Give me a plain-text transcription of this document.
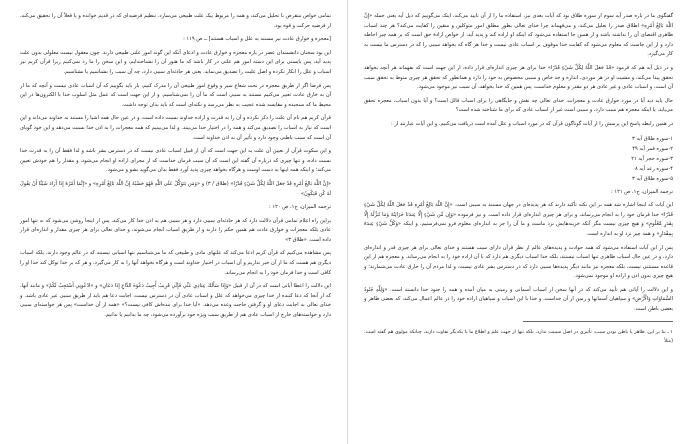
گفتگوی ما در باره صدر آیه سوم از سوره طلاق بود که آیات بعدی نیز، استفاده ما را از آن تایید می‌کند، اینک می‌گوییم که ذیل آیه یعنی جمله «إِنَّ اللَّهَ بَالِغُ أَمْرِهِ» اطلاق صدر را تعلیل می‌کند، و می‌فهماند چرا خدای تعالی بطور مطلق امور متوکلین و متقین را کفایت می‌کند؟ هر چند اسباب ظاهری اقتضای آن را نداشته باشد و از همین جا استفاده می‌شود که اینکه او اراده کند و پدید آید، از خواص ارادهٔ حق است که بر همه چیز احاطه دارد و از این جاست که معلوم می‌شود که کفایت خدا موقوف بر اسباب عادی نیست و خدا هر گاه که بخواهد سببی را که در دسترس ما نیست به کار می‌گیرد.

و در ذیل آیه هم که فرمود «قَدْ جَعَلَ اللَّهُ لِكُلِّ شَيْءٍ قَدْرًا» خدا برای هر چیزی اندازه‌ای قرار داده، از این جهت است که بفهماند هر آنچه بخواهد تحقق پیدا می‌کند، و مشیت او در هر موردی، اندازه و حد خاص و سببی مخصوص به خود را دارد و همانطور که تحقق هر چیزی منوط به تحقق سبب آن است، و اسباب عادی و غیر عادی هر دو مقدر و معلوم خداست، پس همین که خدا بخواهد، آن سبب نیز موجود می‌شود.

حال باید دید آیا در مورد خوارق عادت و معجزات، خدای تعالی چه نقش و جایگاهی را برای اسباب قائل است؟ و آیا بدون اسباب، معجزه تحقق می‌یابد، یا اینکه معجزه هم سبب دارد، و سببی است غیر از اسباب عادی که برای ما شناخته شده است؟

در همین رابطه پاسخ این پرسش را از آیات گوناگون قرآن که در مورد اسباب و علل آمده است دریافت می‌کنیم، و این آیات عبارتند از :

۱-سوره طلاق آیه ۳
۲-سوره قمر آیه ۴۹
۳-سوره حجر آیه ۲۱
۴-سوره رعد آیه ۸
۵-سوره طلاق آیه ۳

ترجمه المیزان، ج۱، ص ۱۲۱ :

این آیات که اینجا اشاره شد همه بر این نکته تأکید دارند که هر پدیده‌ای در جهان مستند به سببی است. «إِنَّ اللَّهَ بَالِغُ أَمْرِهِ قَدْ جَعَلَ اللَّهُ لِكُلِّ شَيْءٍ قَدْرًا» خدا فرمان خود را به انجام می‌رساند، و برای هر چیزی اندازه‌ای قرار داده است. و نیز فرموده «وَإِن مِّن شَيْءٍ إِلَّا عِندَنَا خَزَائِنُهُ وَمَا نُنَزِّلُهُ إِلَّا بِقَدَرٍ مَّعْلُومٍ» و هیچ چیزی نیست مگر آنکه خزینه‌هایش نزد ماست و ما آن را جز به اندازه‌ای معلوم فرو نمی‌فرستیم، و اینکه «وَكُلُّ شَيْءٍ عِندَهُ بِمِقْدَارٍ» و همه چیز نزد او به اندازه است.

پس از این آیات استفاده می‌شود که همه حوادث و پدیده‌های عالم از نظر قرآن دارای سبب هستند و خدای تعالی برای هر چیزی قدر و اندازه‌ای دارد، و در عین حال اسباب ظاهری تنها اسباب نیستند، بلکه خدا اسباب دیگری هم دارد که با آن اراده خود را به انجام می‌رساند. و معجزه هم از این قاعده مستثنی نیست، بلکه معجزه نیز مانند دیگر پدیده‌ها سببی دارد که در دسترس بشر عادی نیست، و لذا مردم آن را خارق عادت می‌شمارند؛ و هیچ چیزی بدون اذن و اراده او موجود نمی‌شود.

و این دلالت را آیاتی هم تأیید می‌کند که در آنها سخن از اسباب آسمانی و زمینی به میان آمده و همه را جنود خدا دانسته است. «وَلِلَّهِ جُنُودُ السَّمَاوَاتِ وَالْأَرْضِ» و سپاهیان آسمانها و زمین از آن خداست، و خدا با این اسباب و سپاهیان اراده خود را در عالم اعمال می‌کند، که بعضی ظاهر و بعضی باطن است.

۱ ـ بنا بر این، ظاهر یا باطن بودن سبب، تأثیری در اصل سببیت ندارد، بلکه تنها از جهت علم و اطلاع ما با یکدیگر تفاوت دارند، چنانکه مولوی هم گفته است. (مثلاً

تمامی خواص منقرض با تحلیل می‌کند، و همه را مربوط بیک علت طبیعی می‌سازد. تنظیم فرضیه‌ای که در قدیم خوانده و یا فعلاً آن را تحقیق می‌کند، از فرضیه حرکت و قوه بود.

[معجزه و خوارق عادت نیز مستند به علل و اسباب هستند] ــ ص ۱۱۹ :

این بود سخنان دانشمندان عصر در باره معجزه و خوارق عادت و ادعای آنکه این گونه امور علتی طبیعی دارند. چون معقول نیست معلولی بدون علت پدید آید، پس بایستی برای این دسته امور هم علتی در کار باشد که ما هنوز آن را نشناخته‌ایم، و این سخن را ما رد نمی‌کنیم زیرا قرآن کریم نیز اسباب و علل را انکار نکرده و اصل علیت را تصدیق می‌نماید. یعنی هر حادثه‌ای سببی دارد، چه آن سبب را بشناسیم یا نشناسیم.

پس فرضا اگر از طریق معجزه در تحت شعاع سیر و وقوع امور طبیعی آن را مدرک کنیم، باز باید بگوییم که آن اسباب عادی نیست و آنچه که ما از آن به خارق عادت تعبیر می‌کنیم مستند به سببی است که ما آن را نمی‌شناسیم. و از این جهت است که عمل مثل اسلوب خدا با الکترون‌ها در این محیط ما که سنجیده و مقایسه شده عجیب به نظر می‌رسد و نکته‌ای است که باید بدان توجه داشت.

قرآن کریم هم نام آن علت را ذکر نکرده و آن را به قدرت و اراده خداوند نسبت داده است، و در عین حال همه اشیا را مستند به خداوند می‌داند و این است که نیاز به اسباب را تصدیق می‌کند و همه را در اختیار خدا می‌بیند. و لذا می‌بینیم که همه معجزات را به اذن خدا نسبت می‌دهد و این خود گویای آن است که سبب باطنی وجود دارد و تأثیر آن به اذن خداوند است.

و این سکوت قرآن از تعیین آن علت به این جهت است که آن از قبیل اسباب عادی نیست که در دسترس بشر باشد و لذا فقط آن را به قدرت خدا نسبت داده، و تنها چیزی که درباره آن گفته این است که آن سبب فرمان خداست که از مجرای اراده او انجام می‌شود، و مقدار را هم خودش تعیین می‌کند؛ و اینکه همه اینها به دست اوست و هرگاه بخواهد چیزی پدید آورد فقط بدان می‌گوید بشو و می‌شود.

«إِنَّ اللَّهَ بَالِغُ أَمْرِهِ قَدْ جَعَلَ اللَّهُ لِكُلِّ شَيْءٍ قَدْرًا» (طلاق / ۳) و «وَمَن يَتَوَكَّلْ عَلَى اللَّهِ فَهُوَ حَسْبُهُ إِنَّ اللَّهَ بَالِغُ أَمْرِهِ» و «إِنَّمَا أَمْرُهُ إِذَا أَرَادَ شَيْئًا أَنْ يَقُولَ لَهُ كُن فَيَكُونُ»

ترجمه المیزان، ج۱، ص ۱۲۰ :

براین راه اعلام تمامی قرآن دلالت دارد که هر حادثه‌ای سببی دارد و هر سببی هم به اذن خدا کار می‌کند، پس از اینجا روشن می‌شود که نه تنها امور عادی بلکه معجزات و خوارق عادت هم همین حکم را دارند و از طریق اسباب انجام می‌شوند، و خدای تعالی برای هر چیزی مقدار و اندازه‌ای قرار داده است. «طلاق ۳»

پس مشاهده می‌کنیم که قرآن کریم ادعا می‌کند که علتهای مادی و طبیعی که ما می‌شناسیم تنها اسبابی نیستند که در عالم وجود دارند، بلکه اسباب دیگری هم هست که ما از آن خبر نداریم و آن اسباب در اختیار خداوند است و هرگاه بخواهد آنها را به کار می‌گیرد. و هر که بر خدا توکل کند خدا او را کافی است و خدا فرمان خود را به انجام می‌رساند.

این دلالت را اعطا آیاتی است که در آن از قبیل «وَإِذَا سَأَلَكَ عِبَادِي عَنِّي فَإِنِّي قَرِيبٌ أُجِيبُ دَعْوَةَ الدَّاعِ إِذَا دَعَانِ» و «ادْعُونِي أَسْتَجِبْ لَكُمْ» و مانند آنها، که از آنجا که دعا کننده از خدا چیزی می‌خواهد که علل و اسباب عادی آن در دسترس نیست، اجابت دعا هم باید از طریق سببی غیر عادی باشد. و خدای تعالی به اجابت دعای او و گرفتن حاجت وعده می‌دهد. «آیا خدا برای بنده‌اش کافی نیست؟» «همه از آن خداست» پس هر خواسته‌ای سببی دارد و خواسته‌های خارج از اسباب عادی هم از طریق سبب ویژه خود برآورده می‌شود، چه ما بدانیم یا ندانیم.
